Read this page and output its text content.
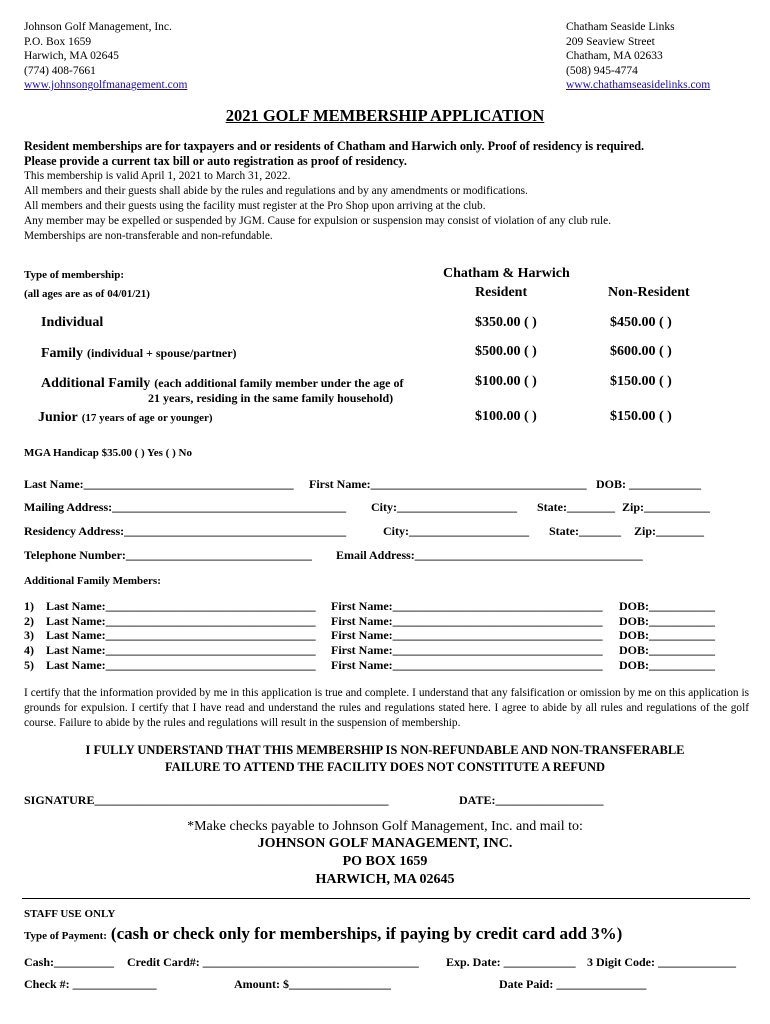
Johnson Golf Management, Inc.
P.O. Box 1659
Harwich, MA 02645
(774) 408-7661
www.johnsongolfmanagement.com
Chatham Seaside Links
209 Seaview Street
Chatham, MA 02633
(508) 945-4774
www.chathamseasidelinks.com
2021 GOLF MEMBERSHIP APPLICATION
Resident memberships are for taxpayers and or residents of Chatham and Harwich only. Proof of residency is required.
Please provide a current tax bill or auto registration as proof of residency.
This membership is valid April 1, 2021 to March 31, 2022.
All members and their guests shall abide by the rules and regulations and by any amendments or modifications.
All members and their guests using the facility must register at the Pro Shop upon arriving at the club.
Any member may be expelled or suspended by JGM. Cause for expulsion or suspension may consist of violation of any club rule.
Memberships are non-transferable and non-refundable.
Type of membership:
(all ages are as of 04/01/21)
Chatham & Harwich
Resident	Non-Resident
Individual	$350.00 ( )	$450.00 ( )
Family (individual + spouse/partner)	$500.00 ( )	$600.00 ( )
Additional Family (each additional family member under the age of
21 years, residing in the same family household)
$100.00 ( )	$150.00 ( )
Junior (17 years of age or younger)	$100.00 ( )	$150.00 ( )
MGA Handicap $35.00 ( ) Yes ( ) No
Last Name:___________________________________ First Name:____________________________________ DOB: ____________
Mailing Address:_______________________________________ City:____________________ State:________ Zip:___________
Residency Address:_____________________________________	City:____________________ State:_______ Zip:________
Telephone Number:_______________________________ Email Address:______________________________________
Additional Family Members:
1) Last Name:___________________________________ First Name:___________________________________ DOB:___________
2) Last Name:___________________________________ First Name:___________________________________ DOB:___________
3) Last Name:___________________________________ First Name:___________________________________ DOB:___________
4) Last Name:___________________________________ First Name:___________________________________ DOB:___________
5) Last Name:___________________________________ First Name:___________________________________ DOB:___________
I certify that the information provided by me in this application is true and complete. I understand that any falsification or omission by me on this application is grounds for expulsion. I certify that I have read and understand the rules and regulations stated here. I agree to abide by all rules and regulations of the golf course. Failure to abide by the rules and regulations will result in the suspension of membership.
I FULLY UNDERSTAND THAT THIS MEMBERSHIP IS NON-REFUNDABLE AND NON-TRANSFERABLE
FAILURE TO ATTEND THE FACILITY DOES NOT CONSTITUTE A REFUND
SIGNATURE_________________________________________________	DATE:__________________
*Make checks payable to Johnson Golf Management, Inc. and mail to:
JOHNSON GOLF MANAGEMENT, INC.
PO BOX 1659
HARWICH, MA 02645
STAFF USE ONLY
Type of Payment: (cash or check only for memberships, if paying by credit card add 3%)
Cash:__________ Credit Card#: ____________________________________ Exp. Date: ____________ 3 Digit Code: _____________
Check #: ______________	Amount: $_________________	Date Paid: _______________
